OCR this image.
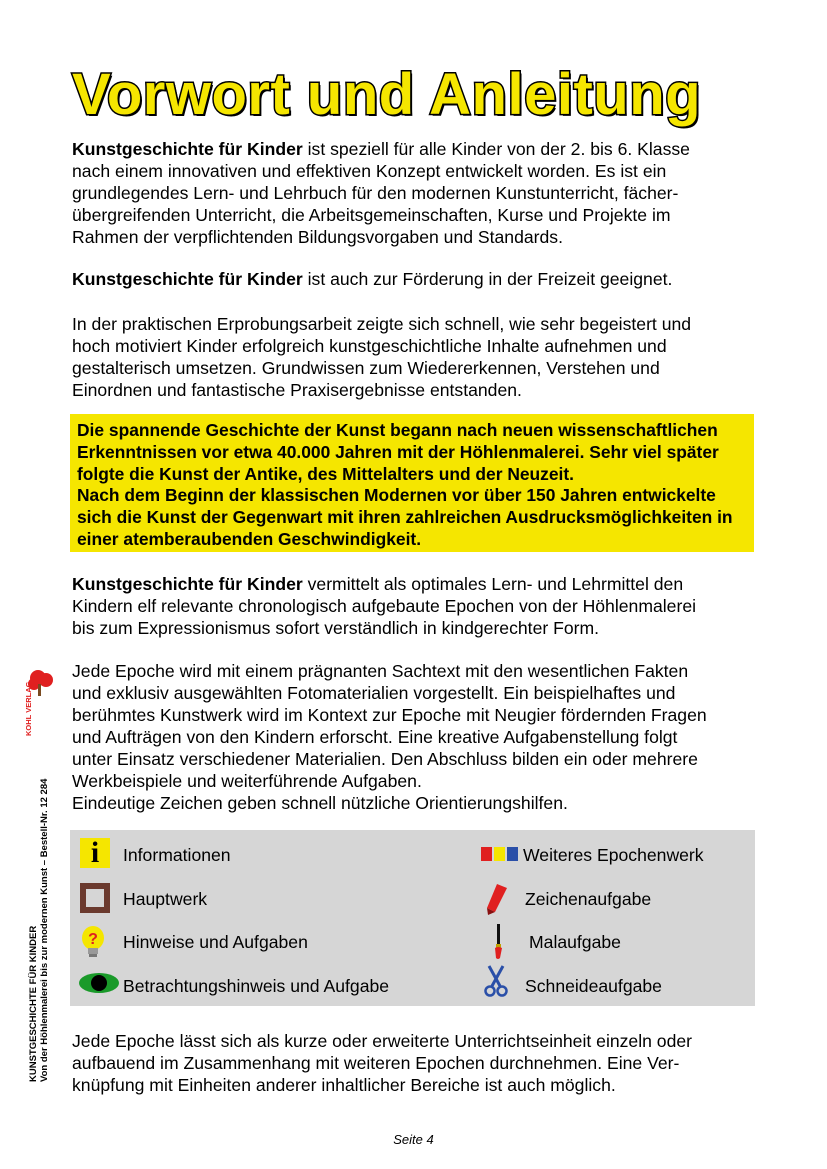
Vorwort und Anleitung
Kunstgeschichte für Kinder ist speziell für alle Kinder von der 2. bis 6. Klasse
nach einem innovativen und effektiven Konzept entwickelt worden. Es ist ein
grundlegendes Lern- und Lehrbuch für den modernen Kunstunterricht, fächer-
übergreifenden Unterricht, die Arbeitsgemeinschaften, Kurse und Projekte im
Rahmen der verpflichtenden Bildungsvorgaben und Standards.
Kunstgeschichte für Kinder ist auch zur Förderung in der Freizeit geeignet.
In der praktischen Erprobungsarbeit zeigte sich schnell, wie sehr begeistert und
hoch motiviert Kinder erfolgreich kunstgeschichtliche Inhalte aufnehmen und
gestalterisch umsetzen. Grundwissen zum Wiedererkennen, Verstehen und
Einordnen und fantastische Praxisergebnisse entstanden.
Die spannende Geschichte der Kunst begann nach neuen wissenschaftlichen
Erkenntnissen vor etwa 40.000 Jahren mit der Höhlenmalerei. Sehr viel später
folgte die Kunst der Antike, des Mittelalters und der Neuzeit.
Nach dem Beginn der klassischen Modernen vor über 150 Jahren entwickelte
sich die Kunst der Gegenwart mit ihren zahlreichen Ausdrucksmöglichkeiten in
einer atemberaubenden Geschwindigkeit.
Kunstgeschichte für Kinder vermittelt als optimales Lern- und Lehrmittel den
Kindern elf relevante chronologisch aufgebaute Epochen von der Höhlenmalerei
bis zum Expressionismus sofort verständlich in kindgerechter Form.
Jede Epoche wird mit einem prägnanten Sachtext mit den wesentlichen Fakten
und exklusiv ausgewählten Fotomaterialien vorgestellt. Ein beispielhaftes und
berühmtes Kunstwerk wird im Kontext zur Epoche mit Neugier fördernden Fragen
und Aufträgen von den Kindern erforscht. Eine kreative Aufgabenstellung folgt
unter Einsatz verschiedener Materialien. Den Abschluss bilden ein oder mehrere
Werkbeispiele und weiterführende Aufgaben.
Eindeutige Zeichen geben schnell nützliche Orientierungshilfen.
i	Informationen
Hauptwerk
? Hinweise und Aufgaben
Betrachtungshinweis und Aufgabe
Weiteres Epochenwerk
Zeichenaufgabe
Malaufgabe
Schneideaufgabe
Jede Epoche lässt sich als kurze oder erweiterte Unterrichtseinheit einzeln oder
aufbauend im Zusammenhang mit weiteren Epochen durchnehmen. Eine Ver-
knüpfung mit Einheiten anderer inhaltlicher Bereiche ist auch möglich.
KOHL VERLAG
KUNSTGESCHICHTE FÜR KINDER Von der Höhlenmalerei bis zur modernen Kunst – Bestell-Nr. 12 284
Seite 4
